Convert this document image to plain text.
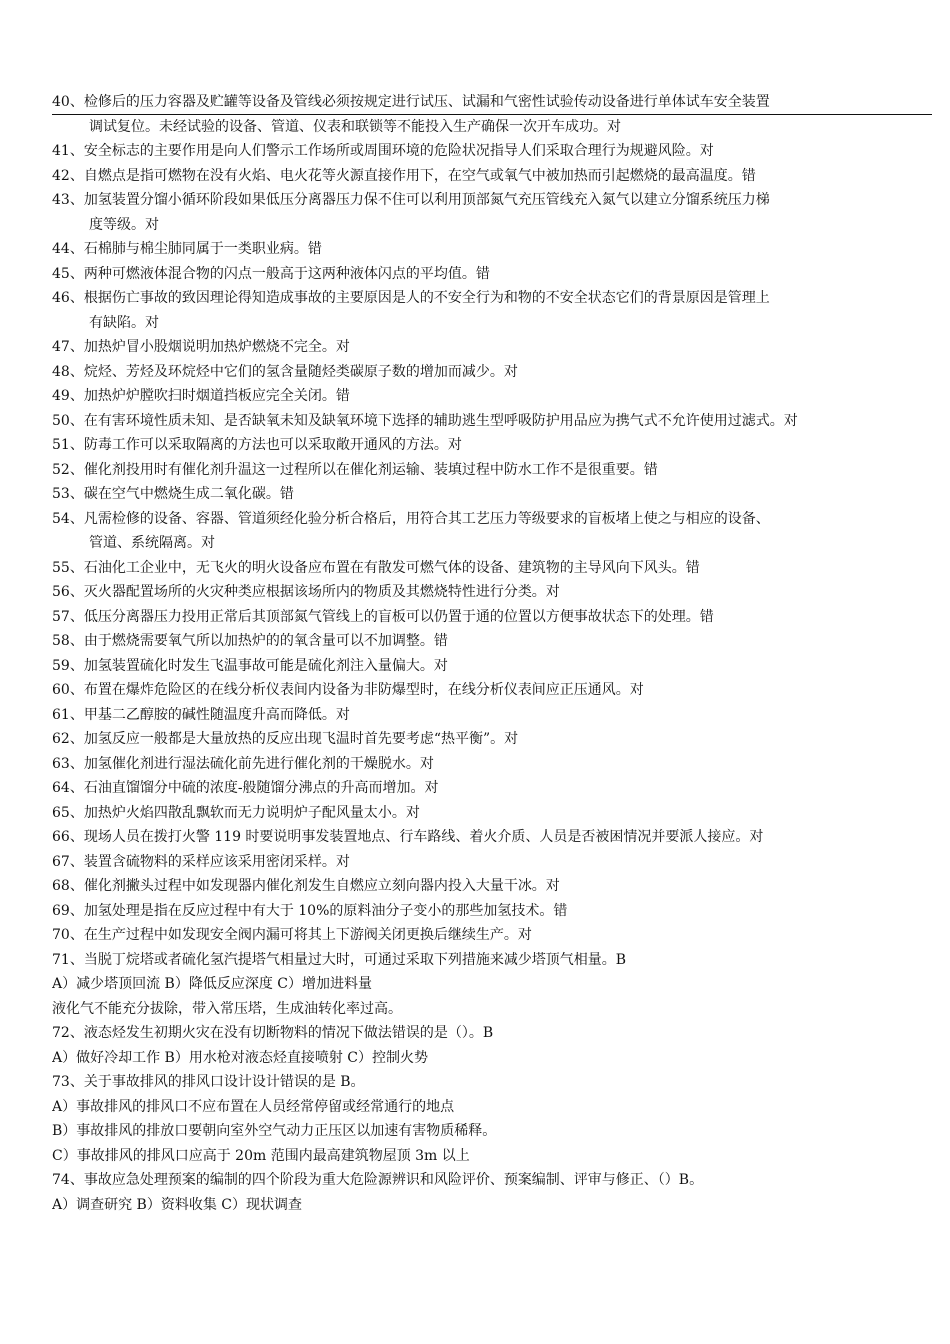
40、检修后的压力容器及贮罐等设备及管线必须按规定进行试压、试漏和气密性试验传动设备进行单体试车安全装置
调试复位。未经试验的设备、管道、仪表和联锁等不能投入生产确保一次开车成功。对
41、安全标志的主要作用是向人们警示工作场所或周围环境的危险状况指导人们采取合理行为规避风险。对
42、自燃点是指可燃物在没有火焰、电火花等火源直接作用下，在空气或氧气中被加热而引起燃烧的最高温度。错
43、加氢装置分馏小循环阶段如果低压分离器压力保不住可以利用顶部氮气充压管线充入氮气以建立分馏系统压力梯
度等级。对
44、石棉肺与棉尘肺同属于一类职业病。错
45、两种可燃液体混合物的闪点一般高于这两种液体闪点的平均值。错
46、根据伤亡事故的致因理论得知造成事故的主要原因是人的不安全行为和物的不安全状态它们的背景原因是管理上
有缺陷。对
47、加热炉冒小股烟说明加热炉燃烧不完全。对
48、烷烃、芳烃及环烷烃中它们的氢含量随烃类碳原子数的增加而减少。对
49、加热炉炉膛吹扫时烟道挡板应完全关闭。错
50、在有害环境性质未知、是否缺氧未知及缺氧环境下选择的辅助逃生型呼吸防护用品应为携气式不允许使用过滤式。对
51、防毒工作可以采取隔离的方法也可以采取敞开通风的方法。对
52、催化剂投用时有催化剂升温这一过程所以在催化剂运输、装填过程中防水工作不是很重要。错
53、碳在空气中燃烧生成二氧化碳。错
54、凡需检修的设备、容器、管道须经化验分析合格后，用符合其工艺压力等级要求的盲板堵上使之与相应的设备、
管道、系统隔离。对
55、石油化工企业中，无飞火的明火设备应布置在有散发可燃气体的设备、建筑物的主导风向下风头。错
56、灭火器配置场所的火灾种类应根据该场所内的物质及其燃烧特性进行分类。对
57、低压分离器压力投用正常后其顶部氮气管线上的盲板可以仍置于通的位置以方便事故状态下的处理。错
58、由于燃烧需要氧气所以加热炉的的氧含量可以不加调整。错
59、加氢装置硫化时发生飞温事故可能是硫化剂注入量偏大。对
60、布置在爆炸危险区的在线分析仪表间内设备为非防爆型时，在线分析仪表间应正压通风。对
61、甲基二乙醇胺的碱性随温度升高而降低。对
62、加氢反应一般都是大量放热的反应出现飞温时首先要考虑“热平衡”。对
63、加氢催化剂进行湿法硫化前先进行催化剂的干燥脱水。对
64、石油直馏馏分中硫的浓度-般随馏分沸点的升高而增加。对
65、加热炉火焰四散乱飘软而无力说明炉子配风量太小。对
66、现场人员在拨打火警 119 时要说明事发装置地点、行车路线、着火介质、人员是否被困情况并要派人接应。对
67、装置含硫物料的采样应该采用密闭采样。对
68、催化剂撇头过程中如发现器内催化剂发生自燃应立刻向器内投入大量干冰。对
69、加氢处理是指在反应过程中有大于 10%的原料油分子变小的那些加氢技术。错
70、在生产过程中如发现安全阀内漏可将其上下游阀关闭更换后继续生产。对
71、当脱丁烷塔或者硫化氢汽提塔气相量过大时，可通过采取下列措施来减少塔顶气相量。B
A）减少塔顶回流 B）降低反应深度 C）增加进料量
液化气不能充分拔除，带入常压塔，生成油转化率过高。
72、液态烃发生初期火灾在没有切断物料的情况下做法错误的是（）。B
A）做好冷却工作 B）用水枪对液态烃直接喷射 C）控制火势
73、关于事故排风的排风口设计设计错误的是 B。
A）事故排风的排风口不应布置在人员经常停留或经常通行的地点
B）事故排风的排放口要朝向室外空气动力正压区以加速有害物质稀释。
C）事故排风的排风口应高于 20m 范围内最高建筑物屋顶 3m 以上
74、事故应急处理预案的编制的四个阶段为重大危险源辨识和风险评价、预案编制、评审与修正、（）B。
A）调查研究 B）资料收集 C）现状调查
